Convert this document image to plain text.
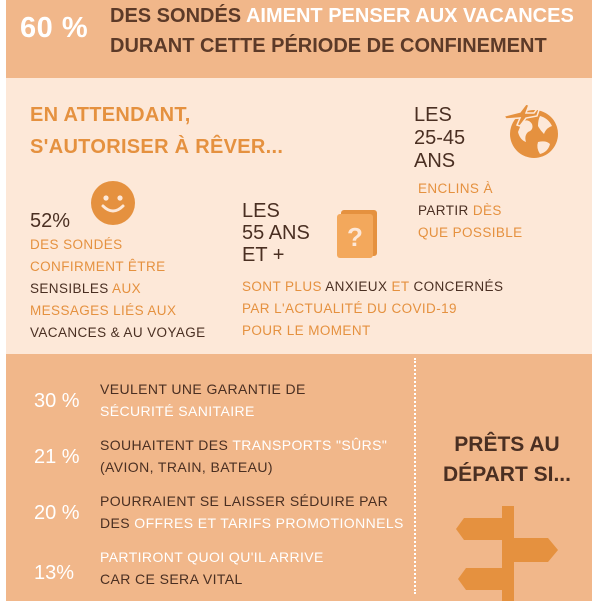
60 % DES SONDÉS AIMENT PENSER AUX VACANCES
DURANT CETTE PÉRIODE DE CONFINEMENT
EN ATTENDANT,
S'AUTORISER À RÊVER...
52%
DES SONDÉS
CONFIRMENT ÊTRE
SENSIBLES AUX
MESSAGES LIÉS AUX
VACANCES & AU VOYAGE
LES
55 ANS
ET +
?
SONT PLUS ANXIEUX ET CONCERNÉS
PAR L'ACTUALITÉ DU COVID-19
POUR LE MOMENT
LES
25-45
ANS
ENCLINS À
PARTIR DÈS
QUE POSSIBLE
30 %
VEULENT UNE GARANTIE DE
SÉCURITÉ SANITAIRE
21 %
SOUHAITENT DES TRANSPORTS "SÛRS"
(AVION, TRAIN, BATEAU)
20 %
POURRAIENT SE LAISSER SÉDUIRE PAR
DES OFFRES ET TARIFS PROMOTIONNELS
13%
PARTIRONT QUOI QU'IL ARRIVE
CAR CE SERA VITAL
PRÊTS AU
DÉPART SI...
